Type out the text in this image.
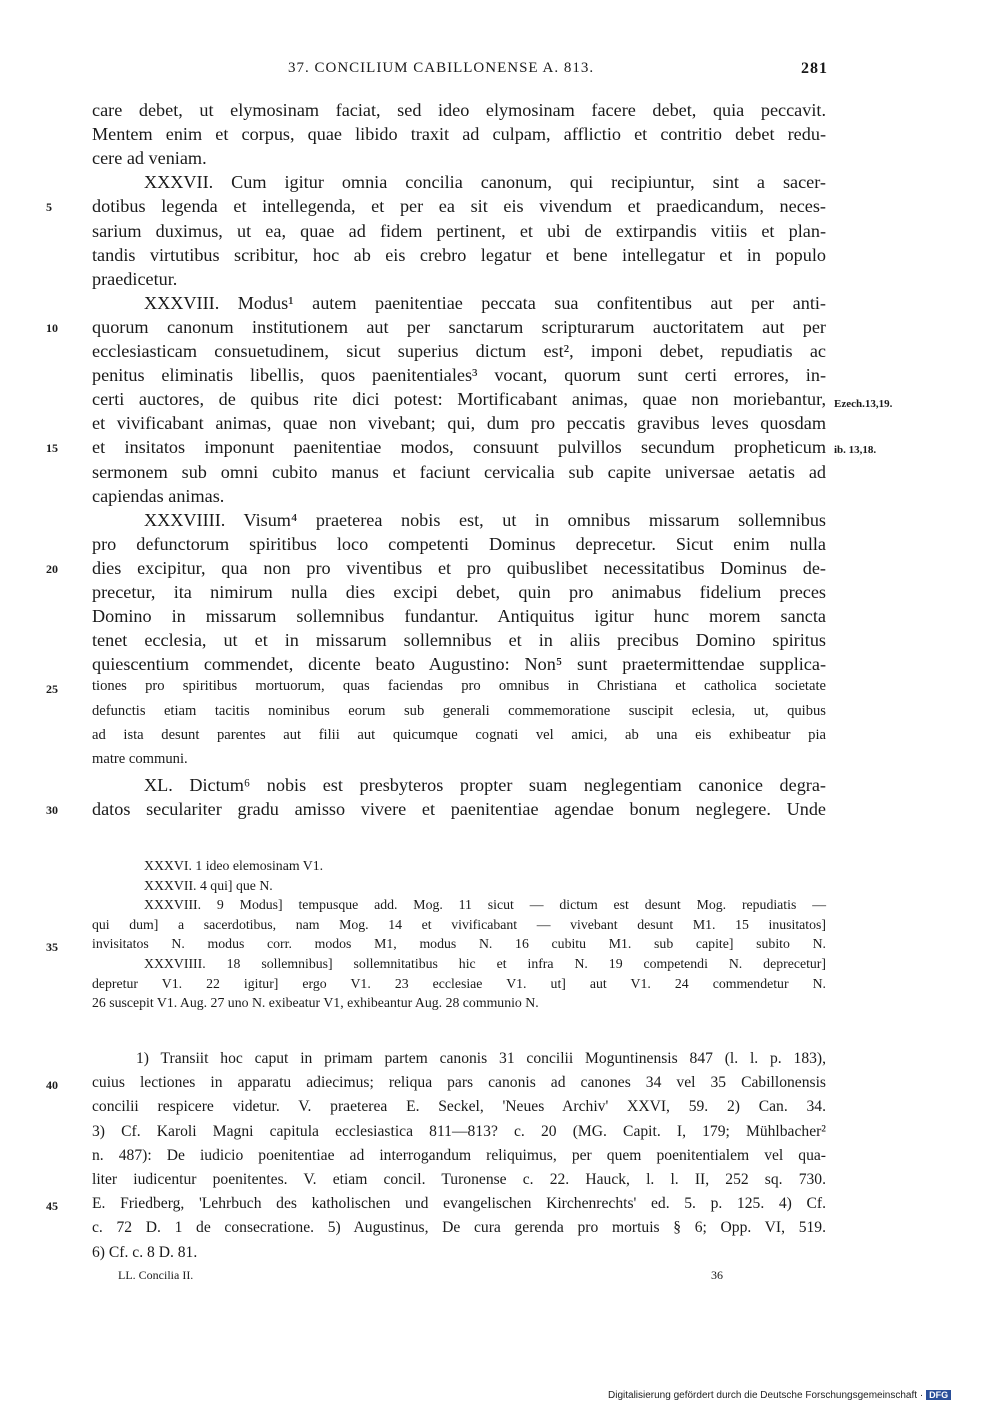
37. CONCILIUM CABILLONENSE A. 813.	281
care debet, ut elymosinam faciat, sed ideo elymosinam facere debet, quia peccavit.
Mentem enim et corpus, quae libido traxit ad culpam, afflictio et contritio debet redu-
cere ad veniam.
XXXVII. Cum igitur omnia concilia canonum, qui recipiuntur, sint a sacer-
dotibus legenda et intellegenda, et per ea sit eis vivendum et praedicandum, neces-
5
sarium duximus, ut ea, quae ad fidem pertinent, et ubi de extirpandis vitiis et plan-
tandis virtutibus scribitur, hoc ab eis crebro legatur et bene intellegatur et in populo
praedicetur.
XXXVIII. Modus¹ autem paenitentiae peccata sua confitentibus aut per anti-
quorum canonum institutionem aut per sanctarum scripturarum auctoritatem aut per
10
ecclesiasticam consuetudinem, sicut superius dictum est², imponi debet, repudiatis ac
penitus eliminatis libellis, quos paenitentiales³ vocant, quorum sunt certi errores, in-
certi auctores, de quibus rite dici potest: Mortificabant animas, quae non moriebantur,
et vivificabant animas, quae non vivebant; qui, dum pro peccatis gravibus leves quosdam
et insitatos imponunt paenitentiae modos, consuunt pulvillos secundum propheticum
15
sermonem sub omni cubito manus et faciunt cervicalia sub capite universae aetatis ad
capiendas animas.
XXXVIIII. Visum⁴ praeterea nobis est, ut in omnibus missarum sollemnibus
pro defunctorum spiritibus loco competenti Dominus deprecetur. Sicut enim nulla
dies excipitur, qua non pro viventibus et pro quibuslibet necessitatibus Dominus de-
20
precetur, ita nimirum nulla dies excipi debet, quin pro animabus fidelium preces
Domino in missarum sollemnibus fundantur. Antiquitus igitur hunc morem sancta
tenet ecclesia, ut et in missarum sollemnibus et in aliis precibus Domino spiritus
quiescentium commendet, dicente beato Augustino: Non⁵ sunt praetermittendae supplica-
tiones pro spiritibus mortuorum, quas faciendas pro omnibus in Christiana et catholica societate
25
defunctis etiam tacitis nominibus eorum sub generali commemoratione suscipit eclesia, ut, quibus
ad ista desunt parentes aut filii aut quicumque cognati vel amici, ab una eis exhibeatur pia
matre communi.
XL. Dictum⁶ nobis est presbyteros propter suam neglegentiam canonice degra-
datos seculariter gradu amisso vivere et paenitentiae agendae bonum neglegere. Unde
30
Ezech.13,19.
ib. 13,18.
XXXVI. 1 ideo elemosinam V1.
XXXVII. 4 qui] que N.
XXXVIII. 9 Modus] tempusque add. Mog. 11 sicut — dictum est desunt Mog. repudiatis —
qui dum] a sacerdotibus, nam Mog. 14 et vivificabant — vivebant desunt M1. 15 inusitatos]
invisitatos N. modus corr. modos M1, modus N. 16 cubitu M1. sub capite] subito N.
35
XXXVIIII. 18 sollemnibus] sollemnitatibus hic et infra N. 19 competendi N. deprecetur]
depretur V1. 22 igitur] ergo V1. 23 ecclesiae V1. ut] aut V1. 24 commendetur N.
26 suscepit V1. Aug. 27 uno N. exibeatur V1, exhibeantur Aug. 28 communio N.
1) Transiit hoc caput in primam partem canonis 31 concilii Moguntinensis 847 (l. l. p. 183),
cuius lectiones in apparatu adiecimus; reliqua pars canonis ad canones 34 vel 35 Cabillonensis
40
concilii respicere videtur. V. praeterea E. Seckel, 'Neues Archiv' XXVI, 59. 2) Can. 34.
3) Cf. Karoli Magni capitula ecclesiastica 811—813? c. 20 (MG. Capit. I, 179; Mühlbacher²
n. 487): De iudicio poenitentiae ad interrogandum reliquimus, per quem poenitentialem vel qua-
liter iudicentur poenitentes. V. etiam concil. Turonense c. 22. Hauck, l. l. II, 252 sq. 730.
E. Friedberg, 'Lehrbuch des katholischen und evangelischen Kirchenrechts' ed. 5. p. 125. 4) Cf.
45
c. 72 D. 1 de consecratione. 5) Augustinus, De cura gerenda pro mortuis § 6; Opp. VI, 519.
6) Cf. c. 8 D. 81.
LL. Concilia II.	36
Digitalisierung gefördert durch die Deutsche Forschungsgemeinschaft · DFG
